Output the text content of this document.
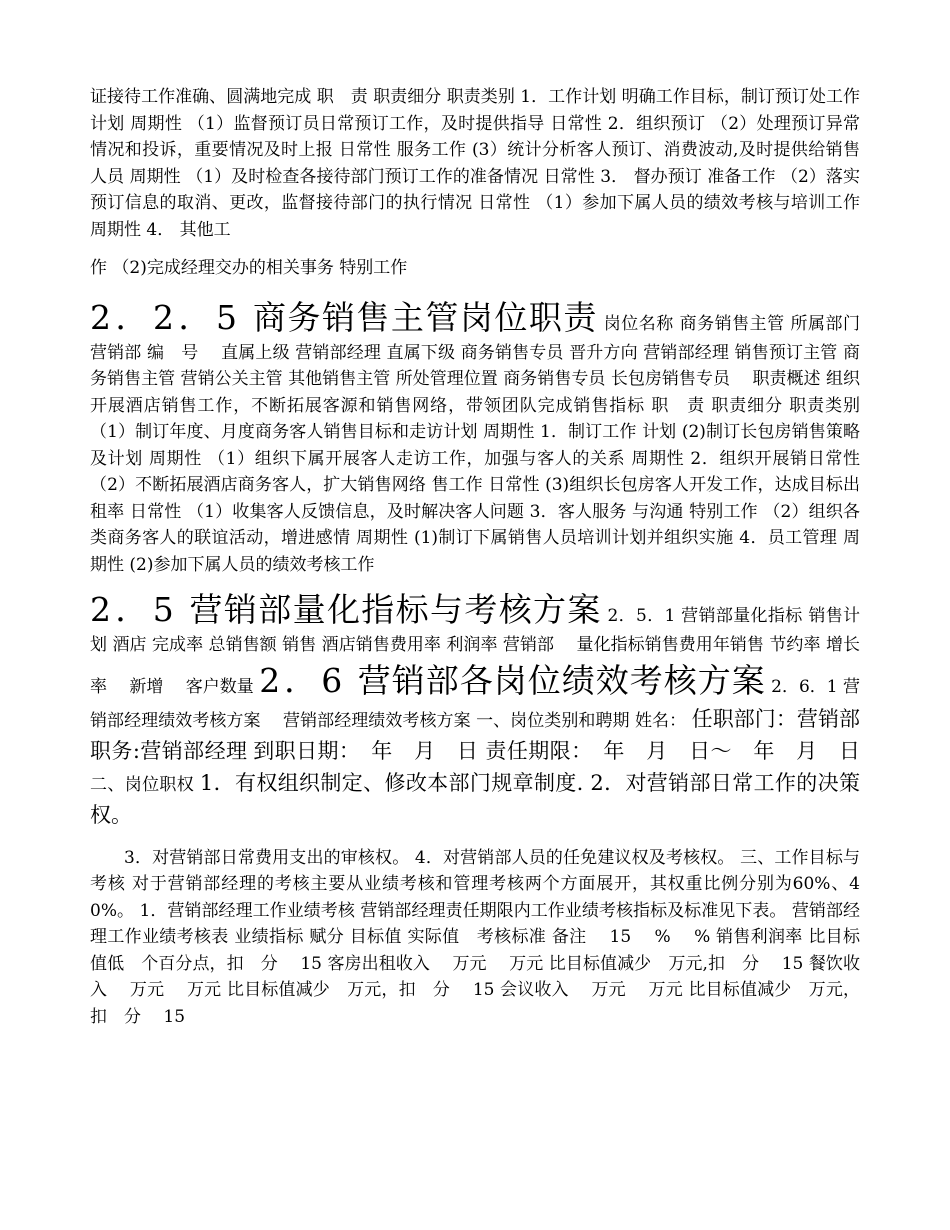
证接待工作准确、圆满地完成 职　责 职责细分 职责类别 1．工作计划 明确工作目标，制订预订处工作计划 周期性 （1）监督预订员日常预订工作，及时提供指导 日常性 2．组织预订 （2）处理预订异常情况和投诉，重要情况及时上报 日常性 服务工作 (3）统计分析客人预订、消费波动,及时提供给销售人员 周期性 （1）及时检查各接待部门预订工作的准备情况 日常性 3． 督办预订 准备工作 （2）落实预订信息的取消、更改，监督接待部门的执行情况 日常性 （1）参加下属人员的绩效考核与培训工作 周期性 4． 其他工
作 （2)完成经理交办的相关事务 特别工作

2．2．5 商务销售主管岗位职责 岗位名称 商务销售主管 所属部门 营销部 编　号　 直属上级 营销部经理 直属下级 商务销售专员 晋升方向 营销部经理 销售预订主管 商务销售主管 营销公关主管 其他销售主管 所处管理位置 商务销售专员 长包房销售专员　 职责概述 组织开展酒店销售工作，不断拓展客源和销售网络，带领团队完成销售指标 职　责 职责细分 职责类别 （1）制订年度、月度商务客人销售目标和走访计划 周期性 1．制订工作 计划 (2)制订长包房销售策略及计划 周期性 （1）组织下属开展客人走访工作，加强与客人的关系 周期性 2．组织开展销日常性 （2）不断拓展酒店商务客人，扩大销售网络 售工作 日常性 (3)组织长包房客人开发工作，达成目标出租率 日常性 （1）收集客人反馈信息，及时解决客人问题 3．客人服务 与沟通 特别工作 （2）组织各类商务客人的联谊活动，增进感情 周期性 (1)制订下属销售人员培训计划并组织实施 4．员工管理 周期性 (2)参加下属人员的绩效考核工作

2．5 营销部量化指标与考核方案 2．5．1 营销部量化指标 销售计划 酒店 完成率 总销售额 销售 酒店销售费用率 利润率 营销部　 量化指标销售费用年销售 节约率 增长率　 新增　 客户数量 2．6 营销部各岗位绩效考核方案 2．6．1 营销部经理绩效考核方案　 营销部经理绩效考核方案 一、岗位类别和聘期 姓名： 任职部门：营销部 职务:营销部经理 到职日期：　年　月　日 责任期限：　年　月　日～　年　月　日 二、岗位职权 1．有权组织制定、修改本部门规章制度. 2．对营销部日常工作的决策权。

3．对营销部日常费用支出的审核权。 4．对营销部人员的任免建议权及考核权。 三、工作目标与考核 对于营销部经理的考核主要从业绩考核和管理考核两个方面展开，其权重比例分别为60%、40%。 1．营销部经理工作业绩考核 营销部经理责任期限内工作业绩考核指标及标准见下表。 营销部经理工作业绩考核表 业绩指标 赋分 目标值 实际值　考核标准 备注　 15　 %　 % 销售利润率 比目标值低　个百分点，扣　分　 15 客房出租收入　 万元　 万元 比目标值减少　万元,扣　分　 15 餐饮收入　 万元　 万元 比目标值减少　万元，扣　分　 15 会议收入　 万元　 万元 比目标值减少　万元，扣　分　 15
